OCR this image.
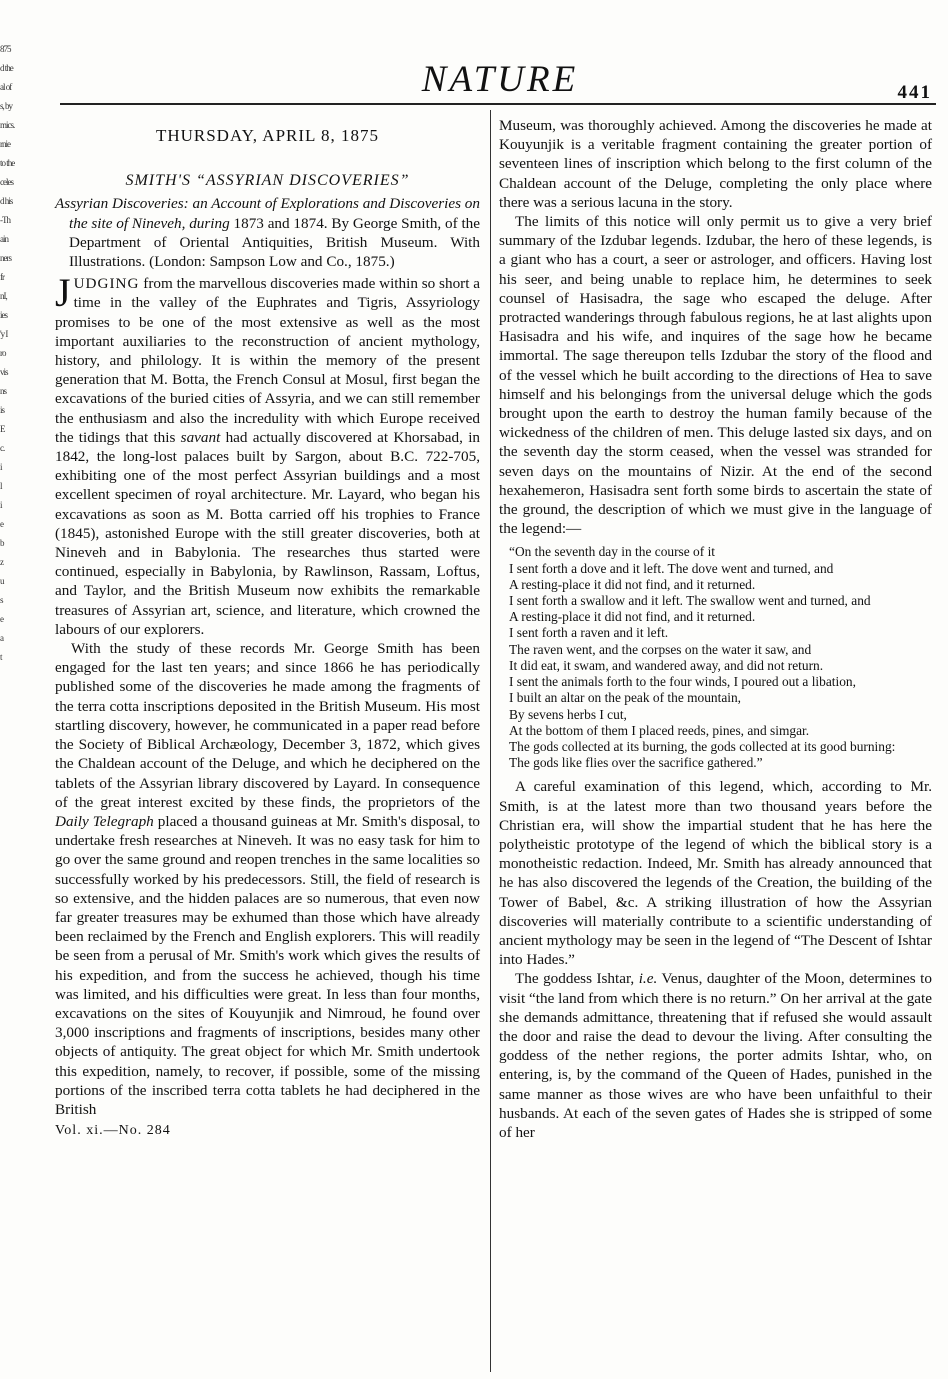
875
d the
al of
s, by
mics.
rnie
to the
celes
d his
-Th
ain
ners
fr
nI,
ies
'y I
ro
vis
ns
is
E
c.
i
l
i
e
b
z
u
s
e
a
t
NATURE	441
THURSDAY, APRIL 8, 1875
SMITH'S “ASSYRIAN DISCOVERIES”
Assyrian Discoveries: an Account of Explorations and Discoveries on the site of Nineveh, during 1873 and 1874. By George Smith, of the Department of Oriental Antiquities, British Museum. With Illustrations. (London: Sampson Low and Co., 1875.)

JUDGING from the marvellous discoveries made within so short a time in the valley of the Euphrates and Tigris, Assyriology promises to be one of the most extensive as well as the most important auxiliaries to the reconstruction of ancient mythology, history, and philology. It is within the memory of the present generation that M. Botta, the French Consul at Mosul, first began the excavations of the buried cities of Assyria, and we can still remember the enthusiasm and also the incredulity with which Europe received the tidings that this savant had actually discovered at Khorsabad, in 1842, the long-lost palaces built by Sargon, about B.C. 722-705, exhibiting one of the most perfect Assyrian buildings and a most excellent specimen of royal architecture. Mr. Layard, who began his excavations as soon as M. Botta carried off his trophies to France (1845), astonished Europe with the still greater discoveries, both at Nineveh and in Babylonia. The researches thus started were continued, especially in Babylonia, by Rawlinson, Rassam, Loftus, and Taylor, and the British Museum now exhibits the remarkable treasures of Assyrian art, science, and literature, which crowned the labours of our explorers.

With the study of these records Mr. George Smith has been engaged for the last ten years; and since 1866 he has periodically published some of the discoveries he made among the fragments of the terra cotta inscriptions deposited in the British Museum. His most startling discovery, however, he communicated in a paper read before the Society of Biblical Archæology, December 3, 1872, which gives the Chaldean account of the Deluge, and which he deciphered on the tablets of the Assyrian library discovered by Layard. In consequence of the great interest excited by these finds, the proprietors of the Daily Telegraph placed a thousand guineas at Mr. Smith's disposal, to undertake fresh researches at Nineveh. It was no easy task for him to go over the same ground and reopen trenches in the same localities so successfully worked by his predecessors. Still, the field of research is so extensive, and the hidden palaces are so numerous, that even now far greater treasures may be exhumed than those which have already been reclaimed by the French and English explorers. This will readily be seen from a perusal of Mr. Smith's work which gives the results of his expedition, and from the success he achieved, though his time was limited, and his difficulties were great. In less than four months, excavations on the sites of Kouyunjik and Nimroud, he found over 3,000 inscriptions and fragments of inscriptions, besides many other objects of antiquity. The great object for which Mr. Smith undertook this expedition, namely, to recover, if possible, some of the missing portions of the inscribed terra cotta tablets he had deciphered in the British

Vol. xi.—No. 284

Museum, was thoroughly achieved. Among the discoveries he made at Kouyunjik is a veritable fragment containing the greater portion of seventeen lines of inscription which belong to the first column of the Chaldean account of the Deluge, completing the only place where there was a serious lacuna in the story.

The limits of this notice will only permit us to give a very brief summary of the Izdubar legends. Izdubar, the hero of these legends, is a giant who has a court, a seer or astrologer, and officers. Having lost his seer, and being unable to replace him, he determines to seek counsel of Hasisadra, the sage who escaped the deluge. After protracted wanderings through fabulous regions, he at last alights upon Hasisadra and his wife, and inquires of the sage how he became immortal. The sage thereupon tells Izdubar the story of the flood and of the vessel which he built according to the directions of Hea to save himself and his belongings from the universal deluge which the gods brought upon the earth to destroy the human family because of the wickedness of the children of men. This deluge lasted six days, and on the seventh day the storm ceased, when the vessel was stranded for seven days on the mountains of Nizir. At the end of the second hexahemeron, Hasisadra sent forth some birds to ascertain the state of the ground, the description of which we must give in the language of the legend:—

“On the seventh day in the course of it
I sent forth a dove and it left. The dove went and turned, and
A resting-place it did not find, and it returned.
I sent forth a swallow and it left. The swallow went and turned, and
A resting-place it did not find, and it returned.
I sent forth a raven and it left.
The raven went, and the corpses on the water it saw, and
It did eat, it swam, and wandered away, and did not return.
I sent the animals forth to the four winds, I poured out a libation,
I built an altar on the peak of the mountain,
By sevens herbs I cut,
At the bottom of them I placed reeds, pines, and simgar.
The gods collected at its burning, the gods collected at its good burning:
The gods like flies over the sacrifice gathered.”

A careful examination of this legend, which, according to Mr. Smith, is at the latest more than two thousand years before the Christian era, will show the impartial student that he has here the polytheistic prototype of the legend of which the biblical story is a monotheistic redaction. Indeed, Mr. Smith has already announced that he has also discovered the legends of the Creation, the building of the Tower of Babel, &c. A striking illustration of how the Assyrian discoveries will materially contribute to a scientific understanding of ancient mythology may be seen in the legend of “The Descent of Ishtar into Hades.”

The goddess Ishtar, i.e. Venus, daughter of the Moon, determines to visit “the land from which there is no return.” On her arrival at the gate she demands admittance, threatening that if refused she would assault the door and raise the dead to devour the living. After consulting the goddess of the nether regions, the porter admits Ishtar, who, on entering, is, by the command of the Queen of Hades, punished in the same manner as those wives are who have been unfaithful to their husbands. At each of the seven gates of Hades she is stripped of some of her
